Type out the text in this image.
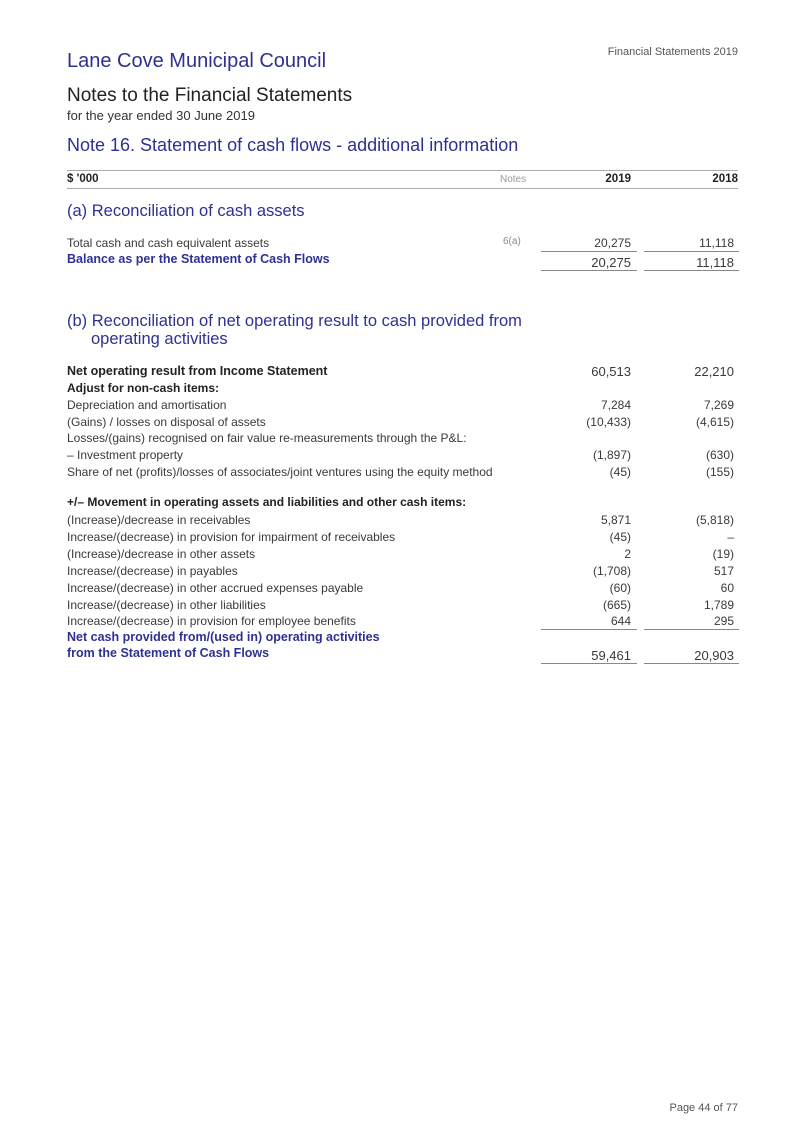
Lane Cove Municipal Council	Financial Statements 2019
Notes to the Financial Statements
for the year ended 30 June 2019
Note 16. Statement of cash flows - additional information
$ '000	Notes	2019	2018
(a) Reconciliation of cash assets
Total cash and cash equivalent assets	6(a)	20,275	11,118
Balance as per the Statement of Cash Flows	20,275	11,118
(b) Reconciliation of net operating result to cash provided from
operating activities
Net operating result from Income Statement	60,513	22,210
Adjust for non-cash items:
Depreciation and amortisation	7,284	7,269
(Gains) / losses on disposal of assets	(10,433)	(4,615)
Losses/(gains) recognised on fair value re-measurements through the P&L:
– Investment property	(1,897)	(630)
Share of net (profits)/losses of associates/joint ventures using the equity method	(45)	(155)
+/– Movement in operating assets and liabilities and other cash items:
(Increase)/decrease in receivables	5,871	(5,818)
Increase/(decrease) in provision for impairment of receivables	(45)	–
(Increase)/decrease in other assets	2	(19)
Increase/(decrease) in payables	(1,708)	517
Increase/(decrease) in other accrued expenses payable	(60)	60
Increase/(decrease) in other liabilities	(665)	1,789
Increase/(decrease) in provision for employee benefits	644	295
Net cash provided from/(used in) operating activities
from the Statement of Cash Flows	59,461	20,903
Page 44 of 77
